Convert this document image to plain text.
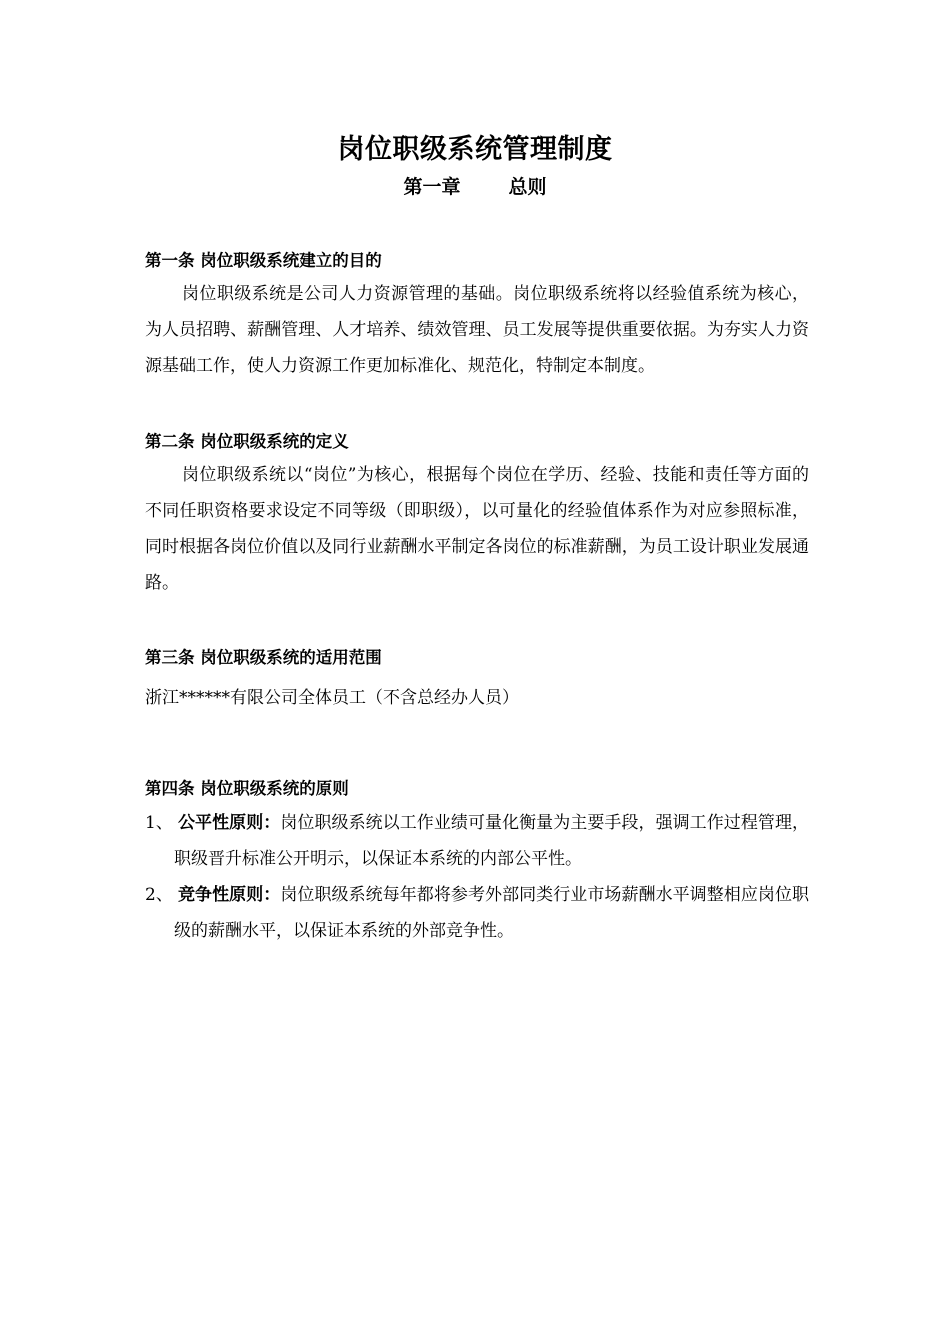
岗位职级系统管理制度
第一章	总则
第一条 岗位职级系统建立的目的

岗位职级系统是公司人力资源管理的基础。岗位职级系统将以经验值系统为核心，为人员招聘、薪酬管理、人才培养、绩效管理、员工发展等提供重要依据。为夯实人力资源基础工作，使人力资源工作更加标准化、规范化，特制定本制度。

第二条 岗位职级系统的定义

岗位职级系统以“岗位”为核心，根据每个岗位在学历、经验、技能和责任等方面的不同任职资格要求设定不同等级（即职级），以可量化的经验值体系作为对应参照标准，同时根据各岗位价值以及同行业薪酬水平制定各岗位的标准薪酬，为员工设计职业发展通路。

第三条 岗位职级系统的适用范围

浙江******有限公司全体员工（不含总经办人员）

第四条 岗位职级系统的原则
1、 公平性原则：岗位职级系统以工作业绩可量化衡量为主要手段，强调工作过程管理，职级晋升标准公开明示，以保证本系统的内部公平性。
2、 竞争性原则：岗位职级系统每年都将参考外部同类行业市场薪酬水平调整相应岗位职级的薪酬水平，以保证本系统的外部竞争性。
